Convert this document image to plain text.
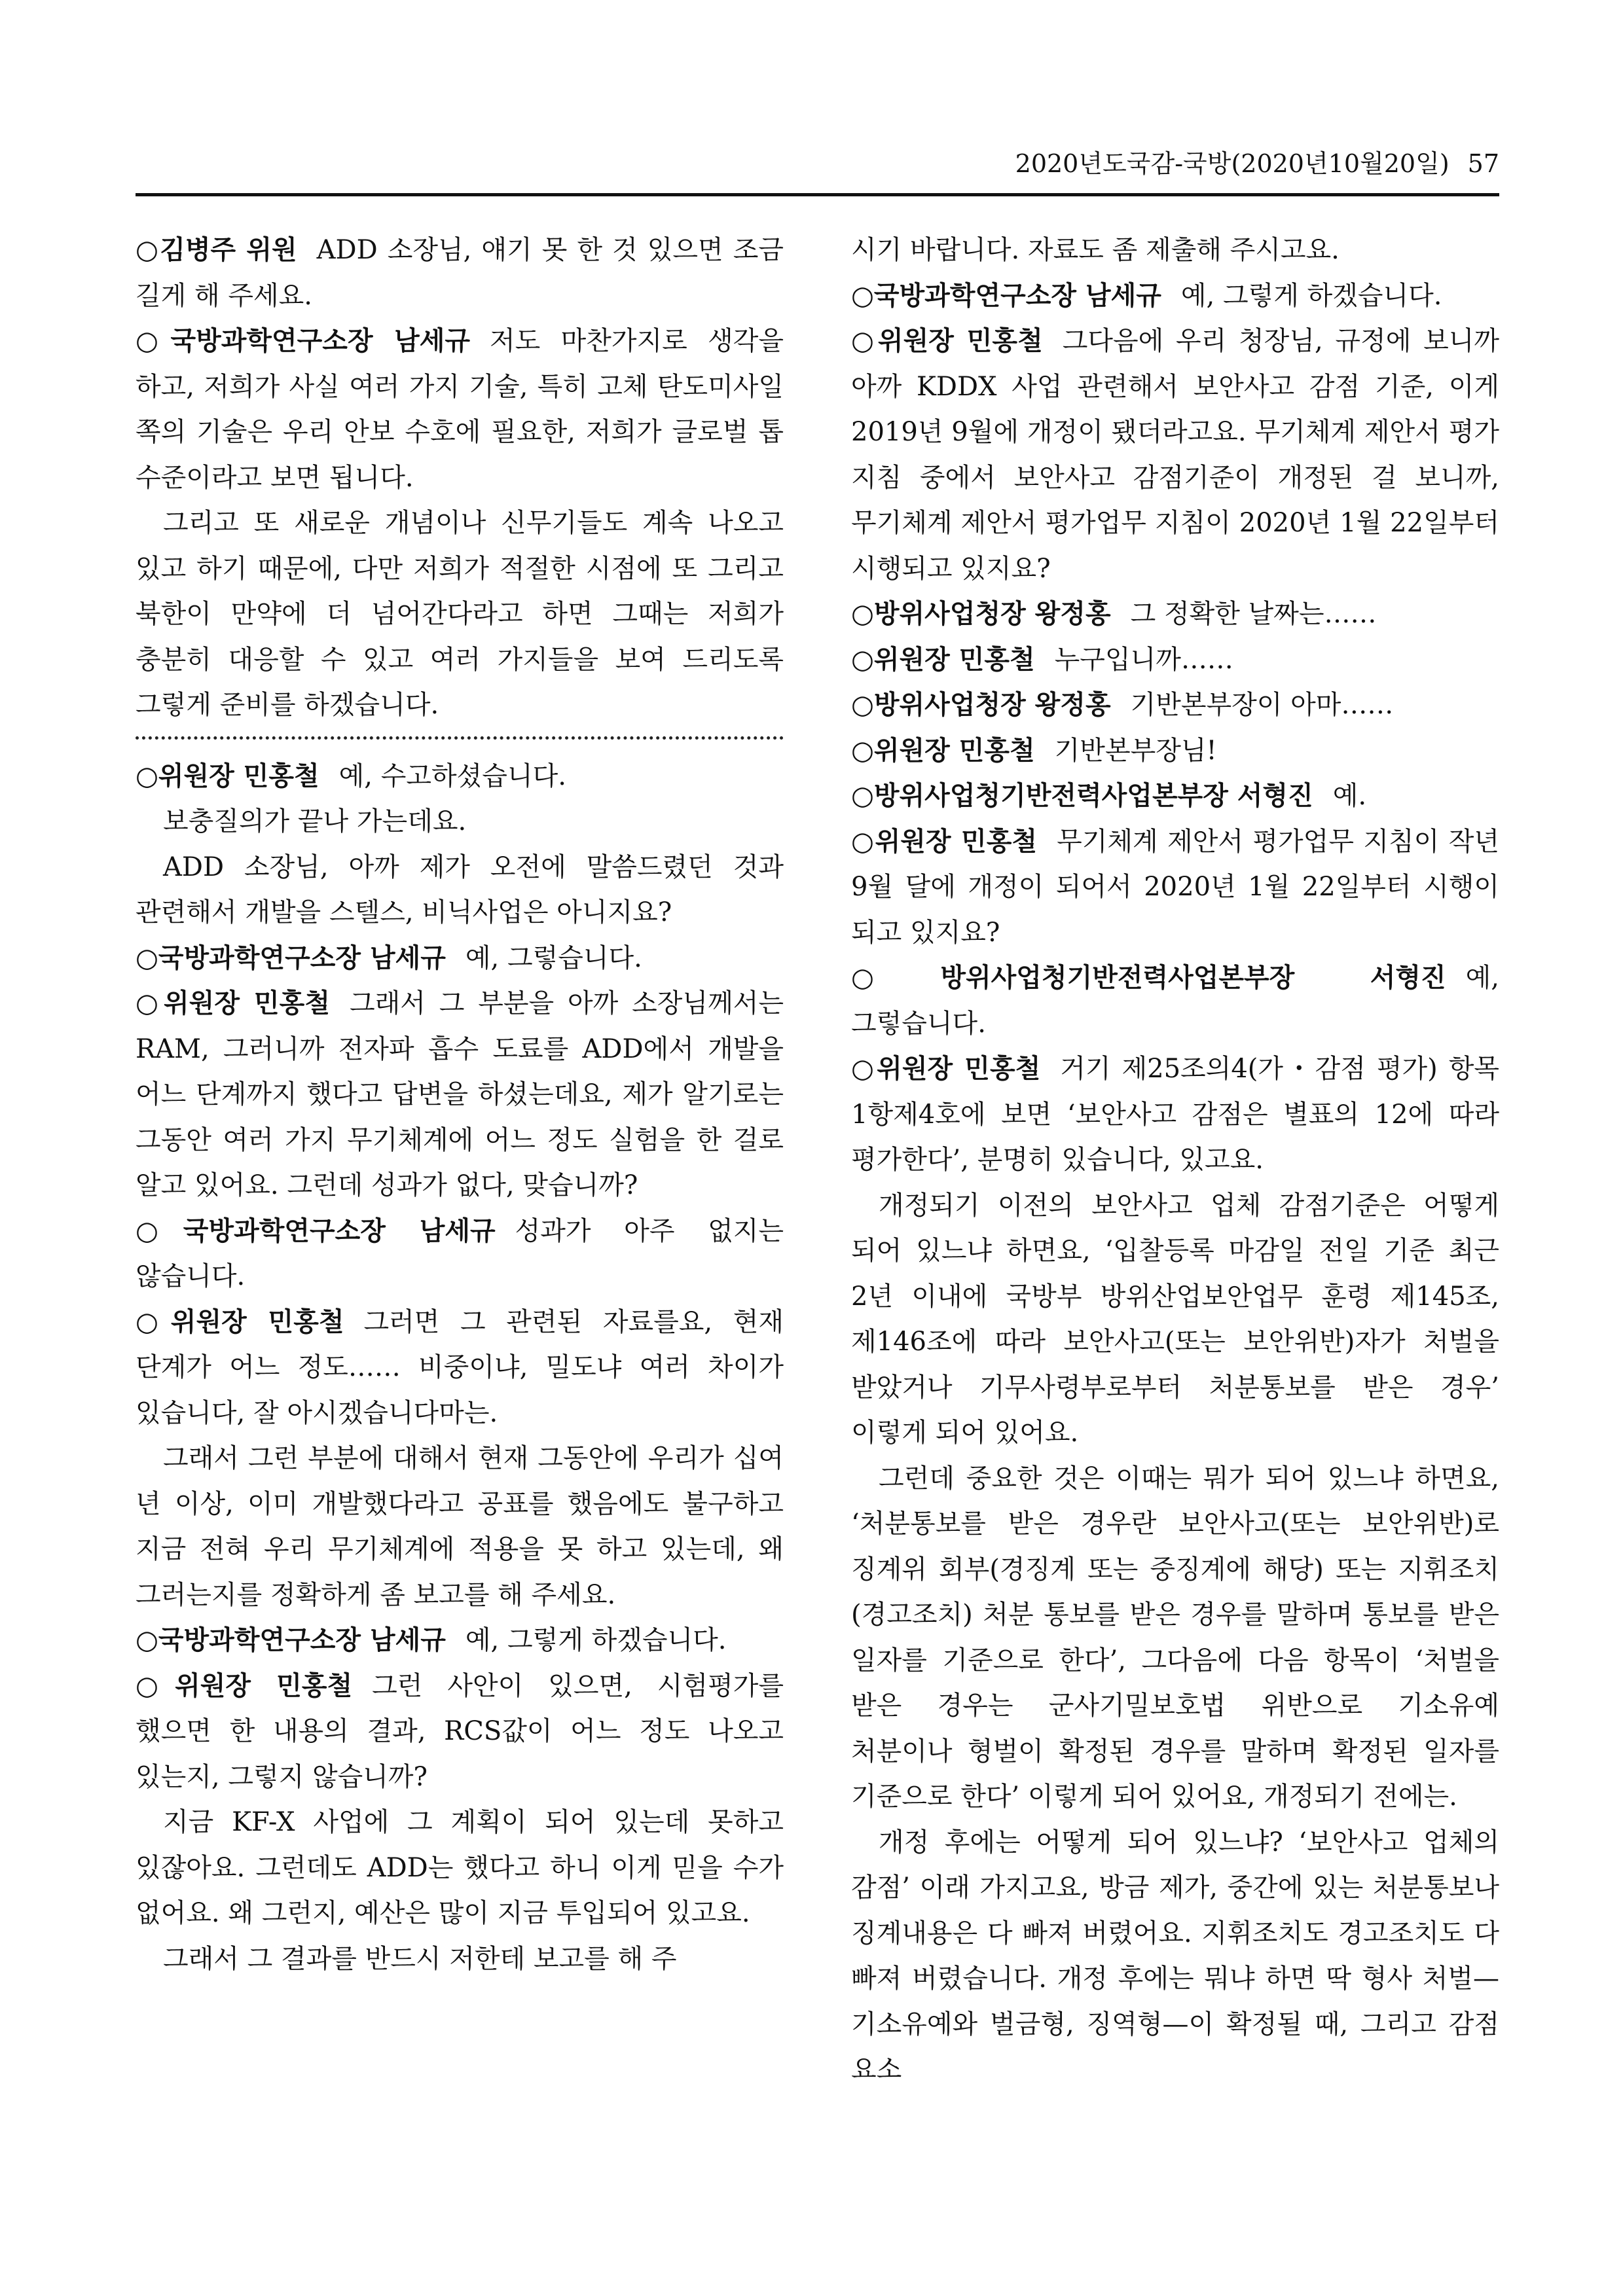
2020년도국감-국방(2020년10월20일) 57

○김병주 위원 ADD 소장님, 얘기 못 한 것 있으면 조금 길게 해 주세요.

○국방과학연구소장 남세규 저도 마찬가지로 생각을 하고, 저희가 사실 여러 가지 기술, 특히 고체 탄도미사일 쪽의 기술은 우리 안보 수호에 필요한, 저희가 글로벌 톱 수준이라고 보면 됩니다.

그리고 또 새로운 개념이나 신무기들도 계속 나오고 있고 하기 때문에, 다만 저희가 적절한 시점에 또 그리고 북한이 만약에 더 넘어간다라고 하면 그때는 저희가 충분히 대응할 수 있고 여러 가지들을 보여 드리도록 그렇게 준비를 하겠습니다.

○위원장 민홍철 예, 수고하셨습니다.

보충질의가 끝나 가는데요.

ADD 소장님, 아까 제가 오전에 말씀드렸던 것과 관련해서 개발을 스텔스, 비닉사업은 아니지요?

○국방과학연구소장 남세규 예, 그렇습니다.

○위원장 민홍철 그래서 그 부분을 아까 소장님께서는 RAM, 그러니까 전자파 흡수 도료를 ADD에서 개발을 어느 단계까지 했다고 답변을 하셨는데요, 제가 알기로는 그동안 여러 가지 무기체계에 어느 정도 실험을 한 걸로 알고 있어요. 그런데 성과가 없다, 맞습니까?

○국방과학연구소장 남세규 성과가 아주 없지는 않습니다.

○위원장 민홍철 그러면 그 관련된 자료를요, 현재 단계가 어느 정도…… 비중이냐, 밀도냐 여러 차이가 있습니다, 잘 아시겠습니다마는.

그래서 그런 부분에 대해서 현재 그동안에 우리가 십여 년 이상, 이미 개발했다라고 공표를 했음에도 불구하고 지금 전혀 우리 무기체계에 적용을 못 하고 있는데, 왜 그러는지를 정확하게 좀 보고를 해 주세요.

○국방과학연구소장 남세규 예, 그렇게 하겠습니다.

○위원장 민홍철 그런 사안이 있으면, 시험평가를 했으면 한 내용의 결과, RCS값이 어느 정도 나오고 있는지, 그렇지 않습니까?

지금 KF-X 사업에 그 계획이 되어 있는데 못하고 있잖아요. 그런데도 ADD는 했다고 하니 이게 믿을 수가 없어요. 왜 그런지, 예산은 많이 지금 투입되어 있고요.

그래서 그 결과를 반드시 저한테 보고를 해 주

시기 바랍니다. 자료도 좀 제출해 주시고요.

○국방과학연구소장 남세규 예, 그렇게 하겠습니다.

○위원장 민홍철 그다음에 우리 청장님, 규정에 보니까 아까 KDDX 사업 관련해서 보안사고 감점 기준, 이게 2019년 9월에 개정이 됐더라고요. 무기체계 제안서 평가 지침 중에서 보안사고 감점기준이 개정된 걸 보니까, 무기체계 제안서 평가업무 지침이 2020년 1월 22일부터 시행되고 있지요?

○방위사업청장 왕정홍 그 정확한 날짜는……

○위원장 민홍철 누구입니까……

○방위사업청장 왕정홍 기반본부장이 아마……

○위원장 민홍철 기반본부장님!

○방위사업청기반전력사업본부장 서형진 예.

○위원장 민홍철 무기체계 제안서 평가업무 지침이 작년 9월 달에 개정이 되어서 2020년 1월 22일부터 시행이 되고 있지요?

○방위사업청기반전력사업본부장 서형진 예, 그렇습니다.

○위원장 민홍철 거기 제25조의4(가・감점 평가) 항목 1항제4호에 보면 ‘보안사고 감점은 별표의 12에 따라 평가한다’, 분명히 있습니다, 있고요.

개정되기 이전의 보안사고 업체 감점기준은 어떻게 되어 있느냐 하면요, ‘입찰등록 마감일 전일 기준 최근 2년 이내에 국방부 방위산업보안업무 훈령 제145조, 제146조에 따라 보안사고(또는 보안위반)자가 처벌을 받았거나 기무사령부로부터 처분통보를 받은 경우’ 이렇게 되어 있어요.

그런데 중요한 것은 이때는 뭐가 되어 있느냐 하면요, ‘처분통보를 받은 경우란 보안사고(또는 보안위반)로 징계위 회부(경징계 또는 중징계에 해당) 또는 지휘조치(경고조치) 처분 통보를 받은 경우를 말하며 통보를 받은 일자를 기준으로 한다’, 그다음에 다음 항목이 ‘처벌을 받은 경우는 군사기밀보호법 위반으로 기소유예 처분이나 형벌이 확정된 경우를 말하며 확정된 일자를 기준으로 한다’ 이렇게 되어 있어요, 개정되기 전에는.

개정 후에는 어떻게 되어 있느냐? ‘보안사고 업체의 감점’ 이래 가지고요, 방금 제가, 중간에 있는 처분통보나 징계내용은 다 빠져 버렸어요. 지휘조치도 경고조치도 다 빠져 버렸습니다. 개정 후에는 뭐냐 하면 딱 형사 처벌—기소유예와 벌금형, 징역형—이 확정될 때, 그리고 감점 요소
